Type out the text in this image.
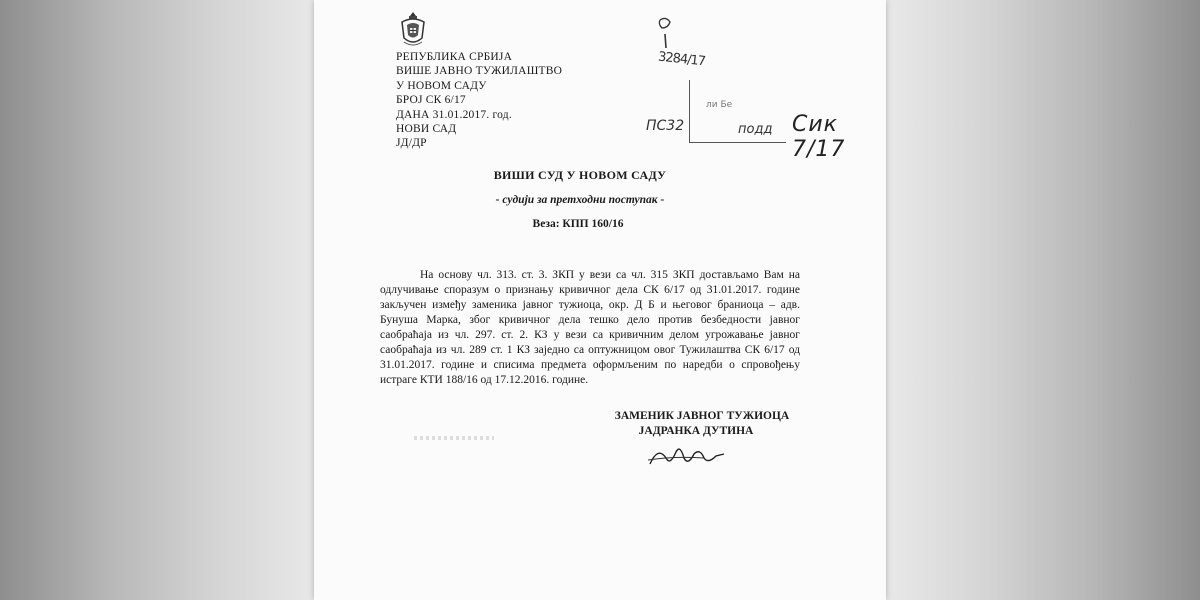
РЕПУБЛИКА СРБИЈА
ВИШЕ ЈАВНО ТУЖИЛАШТВО
У НОВОМ САДУ
БРОЈ СК 6/17
ДАНА 31.01.2017. год.
НОВИ САД
ЈД/ДР
3284/17
ли Бе
ПС32	подд Сик 7/17
ВИШИ СУД У НОВОМ САДУ
- судији за претходни поступак -
Веза: КПП 160/16

На основу чл. 313. ст. 3. ЗКП у вези са чл. 315 ЗКП достављамо Вам на одлучивање споразум о признању кривичног дела СК 6/17 од 31.01.2017. године закључен између заменика јавног тужиоца, окр. Д Б и његовог браниоца – адв. Бунуша Марка, због кривичног дела тешко дело против безбедности јавног саобраћаја из чл. 297. ст. 2. КЗ у вези са кривичним делом угрожавање јавног саобраћаја из чл. 289 ст. 1 КЗ заједно са оптужницом овог Тужилаштва СК 6/17 од 31.01.2017. године и списима предмета оформљеним по наредби о спровођењу истраге КТИ 188/16 од 17.12.2016. године.

ЗАМЕНИК ЈАВНОГ ТУЖИОЦА
ЈАДРАНКА ДУТИНА
